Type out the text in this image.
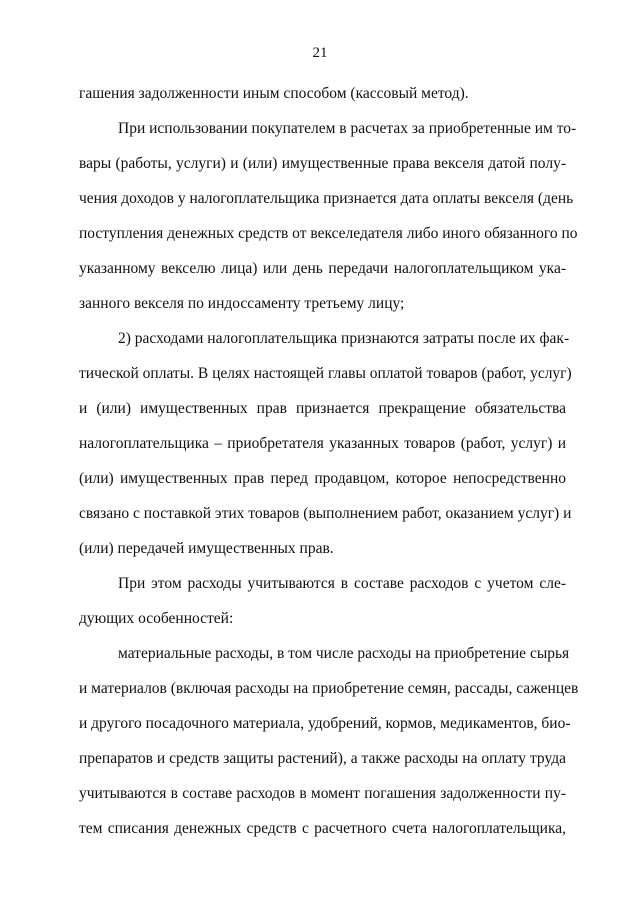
21
гашения задолженности иным способом (кассовый метод).
При использовании покупателем в расчетах за приобретенные им то-
вары (работы, услуги) и (или) имущественные права векселя датой полу-
чения доходов у налогоплательщика признается дата оплаты векселя (день
поступления денежных средств от векселедателя либо иного обязанного по
указанному векселю лица) или день передачи налогоплательщиком ука-
занного векселя по индоссаменту третьему лицу;
2) расходами налогоплательщика признаются затраты после их фак-
тической оплаты. В целях настоящей главы оплатой товаров (работ, услуг)
и (или) имущественных прав признается прекращение обязательства
налогоплательщика – приобретателя указанных товаров (работ, услуг) и
(или) имущественных прав перед продавцом, которое непосредственно
связано с поставкой этих товаров (выполнением работ, оказанием услуг) и
(или) передачей имущественных прав.
При этом расходы учитываются в составе расходов с учетом сле-
дующих особенностей:
материальные расходы, в том числе расходы на приобретение сырья
и материалов (включая расходы на приобретение семян, рассады, саженцев
и другого посадочного материала, удобрений, кормов, медикаментов, био-
препаратов и средств защиты растений), а также расходы на оплату труда
учитываются в составе расходов в момент погашения задолженности пу-
тем списания денежных средств с расчетного счета налогоплательщика,
